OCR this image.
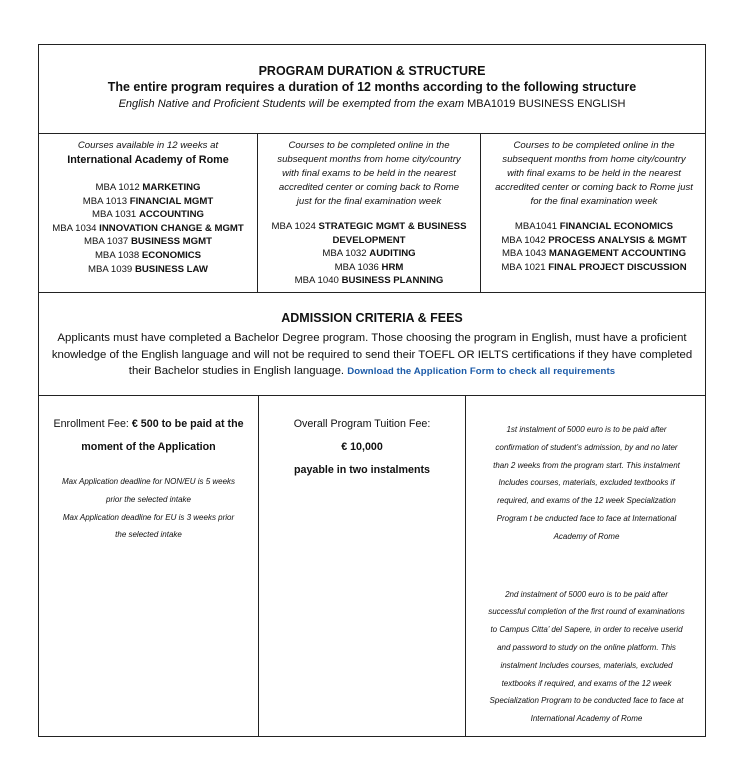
PROGRAM DURATION & STRUCTURE
The entire program requires a duration of 12 months according to the following structure
English Native and Proficient Students will be exempted from the exam MBA1019 BUSINESS ENGLISH
Courses available in 12 weeks at
International Academy of Rome
MBA 1012 MARKETING
MBA 1013 FINANCIAL MGMT
MBA 1031 ACCOUNTING
MBA 1034 INNOVATION CHANGE & MGMT
MBA 1037 BUSINESS MGMT
MBA 1038 ECONOMICS
MBA 1039 BUSINESS LAW
Courses to be completed online in the
subsequent months from home city/country
with final exams to be held in the nearest
accredited center or coming back to Rome
just for the final examination week
MBA 1024 STRATEGIC MGMT & BUSINESS
DEVELOPMENT
MBA 1032 AUDITING
MBA 1036 HRM
MBA 1040 BUSINESS PLANNING
Courses to be completed online in the
subsequent months from home city/country
with final exams to be held in the nearest
accredited center or coming back to Rome just
for the final examination week
MBA1041 FINANCIAL ECONOMICS
MBA 1042 PROCESS ANALYSIS & MGMT
MBA 1043 MANAGEMENT ACCOUNTING
MBA 1021 FINAL PROJECT DISCUSSION
ADMISSION CRITERIA & FEES
Applicants must have completed a Bachelor Degree program. Those choosing the program in English, must have a proficient
knowledge of the English language and will not be required to send their TOEFL OR IELTS certifications if they have completed
their Bachelor studies in English language. Download the Application Form to check all requirements
Enrollment Fee: € 500 to be paid at the
moment of the Application
Max Application deadline for NON/EU is 5 weeks
prior the selected intake
Max Application deadline for EU is 3 weeks prior
the selected intake
Overall Program Tuition Fee:
€ 10,000
payable in two instalments
1st instalment of 5000 euro is to be paid after
confirmation of student’s admission, by and no later
than 2 weeks from the program start. This instalment
Includes courses, materials, excluded textbooks if
required, and exams of the 12 week Specialization
Program t be cnducted face to face at International
Academy of Rome
2nd instalment of 5000 euro is to be paid after
successful completion of the first round of examinations
to Campus Citta’ del Sapere, in order to receive userid
and password to study on the online platform. This
instalment Includes courses, materials, excluded
textbooks if required, and exams of the 12 week
Specialization Program to be conducted face to face at
International Academy of Rome
